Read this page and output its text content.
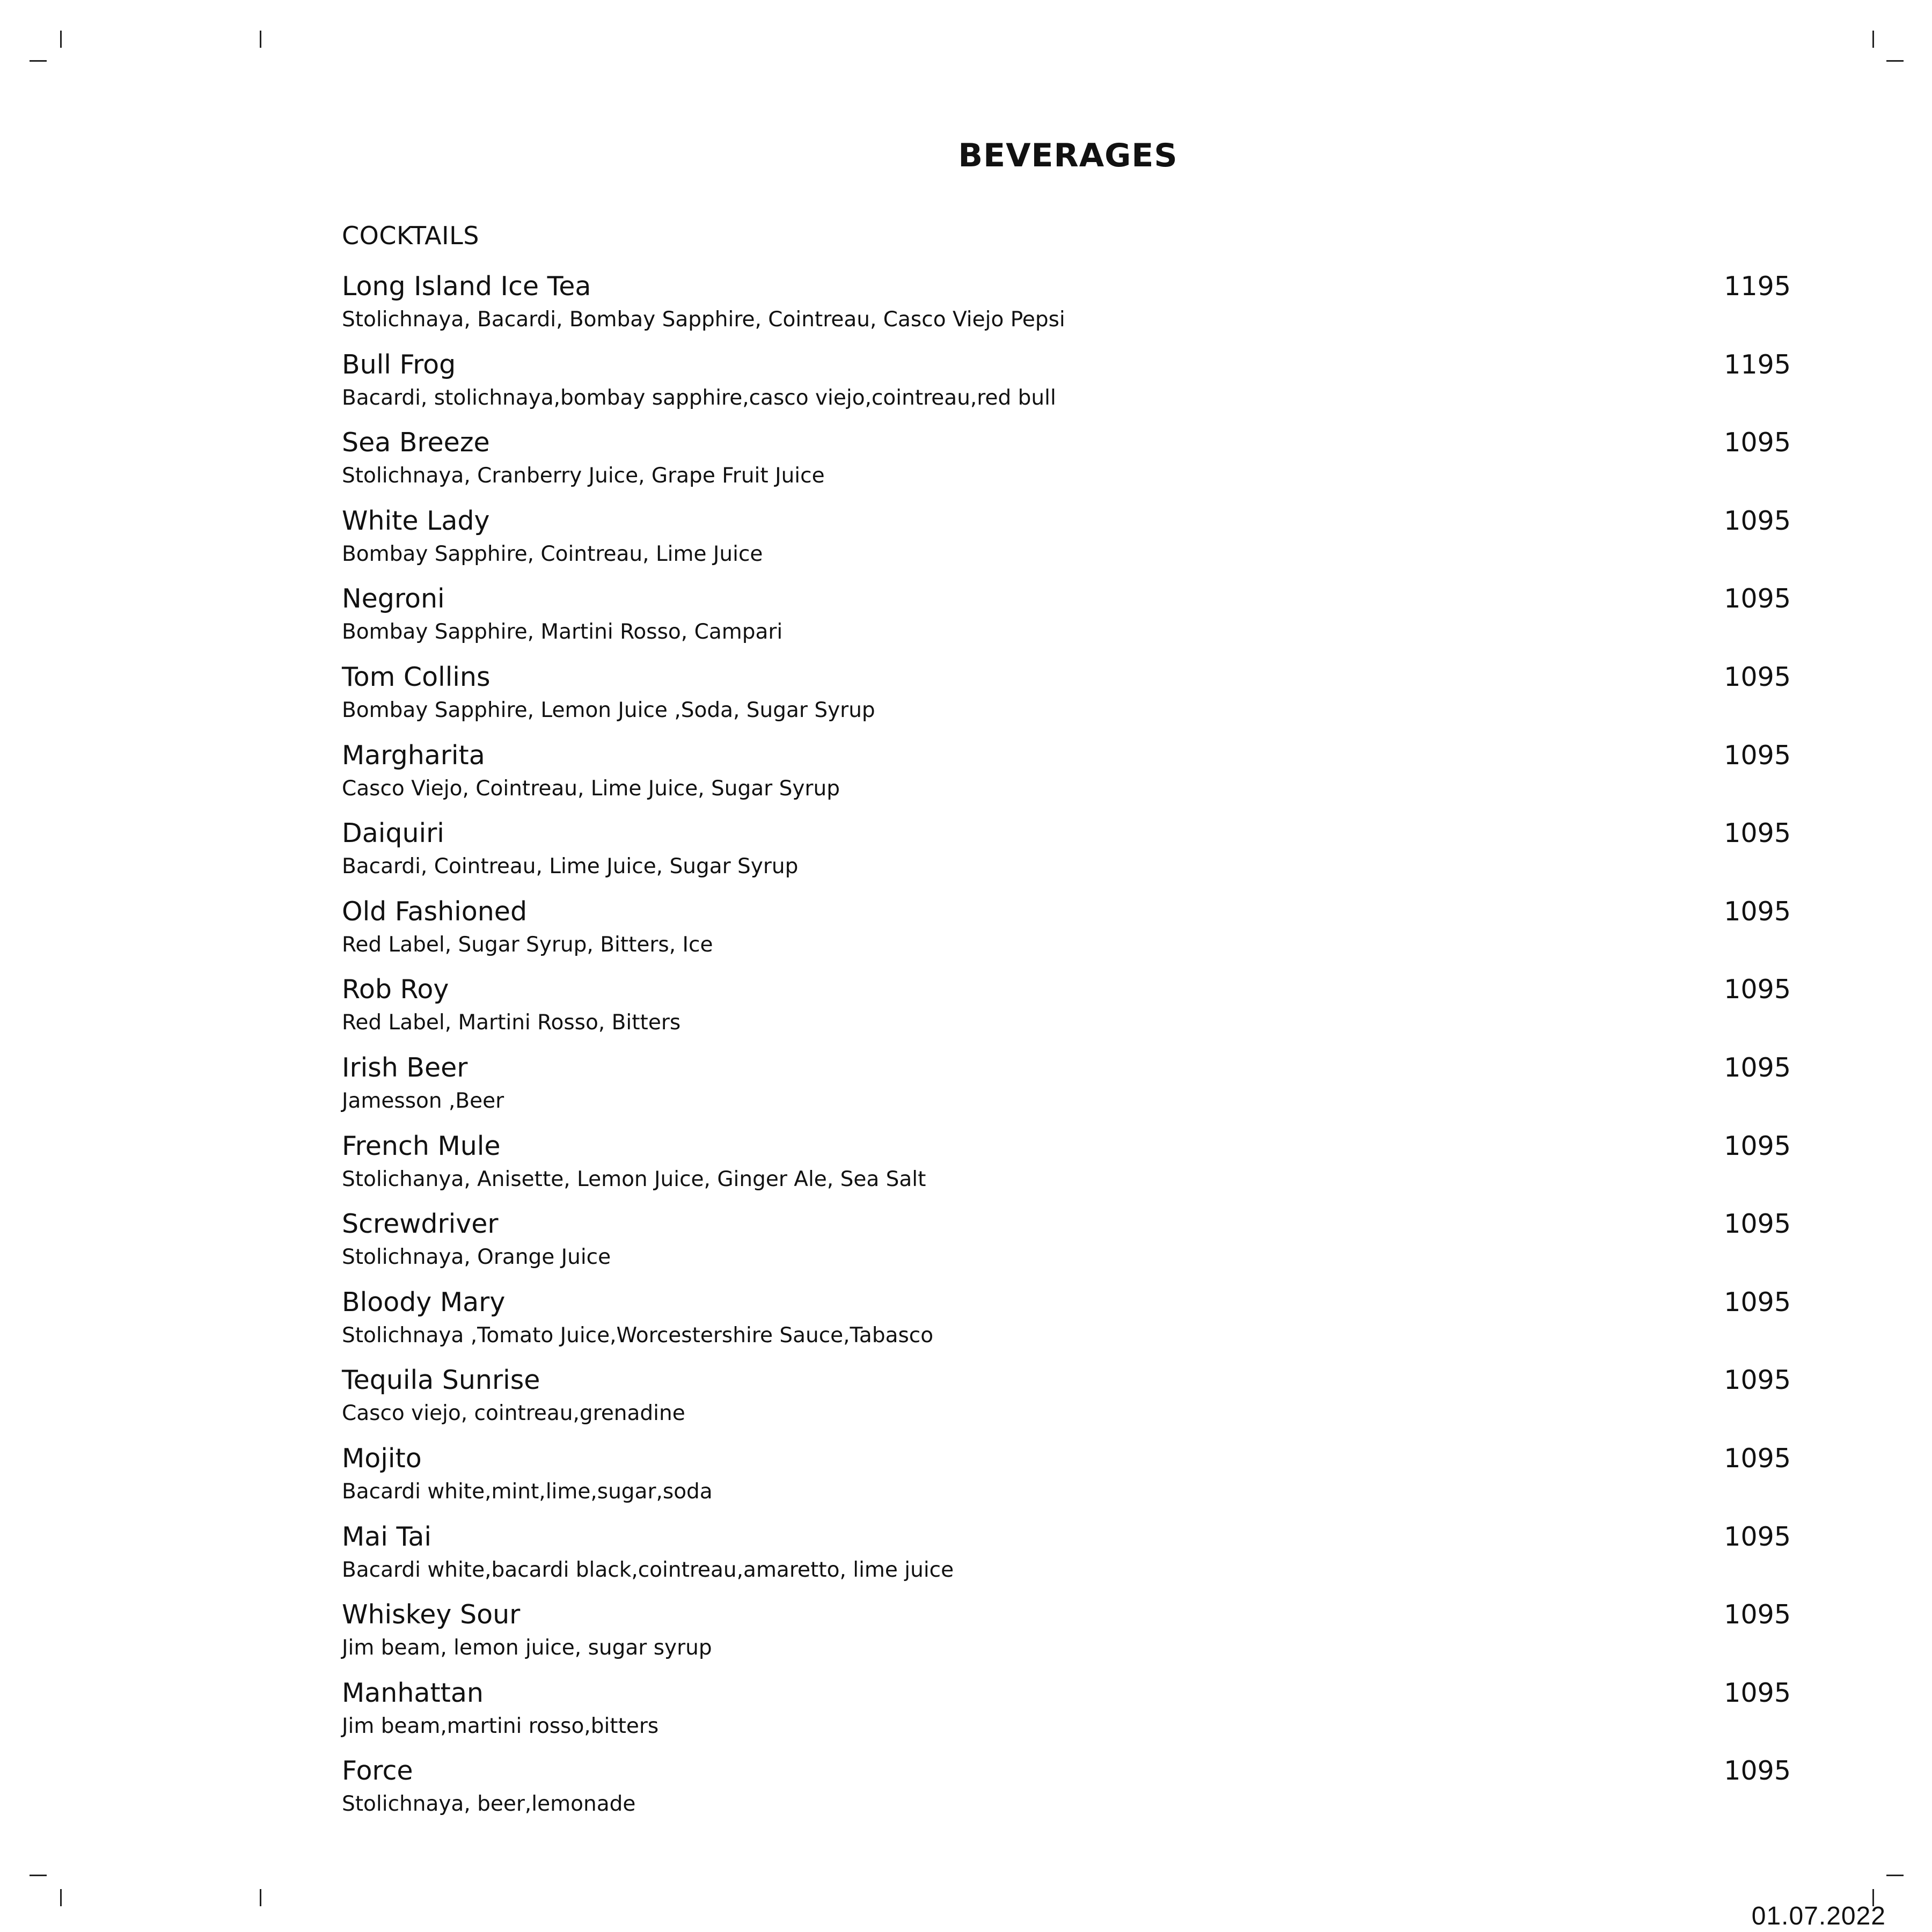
BEVERAGES
COCKTAILS
Long Island Ice Tea
Stolichnaya, Bacardi, Bombay Sapphire, Cointreau, Casco Viejo Pepsi
1195
Bull Frog
Bacardi, stolichnaya,bombay sapphire,casco viejo,cointreau,red bull
1195
Sea Breeze
Stolichnaya, Cranberry Juice, Grape Fruit Juice
1095
White Lady
Bombay Sapphire, Cointreau, Lime Juice
1095
Negroni
Bombay Sapphire, Martini Rosso, Campari
1095
Tom Collins
Bombay Sapphire, Lemon Juice ,Soda, Sugar Syrup
1095
Margharita
Casco Viejo, Cointreau, Lime Juice, Sugar Syrup
1095
Daiquiri
Bacardi, Cointreau, Lime Juice, Sugar Syrup
1095
Old Fashioned
Red Label, Sugar Syrup, Bitters, Ice
1095
Rob Roy
Red Label, Martini Rosso, Bitters
1095
Irish Beer
Jamesson ,Beer
1095
French Mule
Stolichanya, Anisette, Lemon Juice, Ginger Ale, Sea Salt
1095
Screwdriver
Stolichnaya, Orange Juice
1095
Bloody Mary
Stolichnaya ,Tomato Juice,Worcestershire Sauce,Tabasco
1095
Tequila Sunrise
Casco viejo, cointreau,grenadine
1095
Mojito
Bacardi white,mint,lime,sugar,soda
1095
Mai Tai
Bacardi white,bacardi black,cointreau,amaretto, lime juice
1095
Whiskey Sour
Jim beam, lemon juice, sugar syrup
1095
Manhattan
Jim beam,martini rosso,bitters
1095
Force
Stolichnaya, beer,lemonade
1095
01.07.2022
